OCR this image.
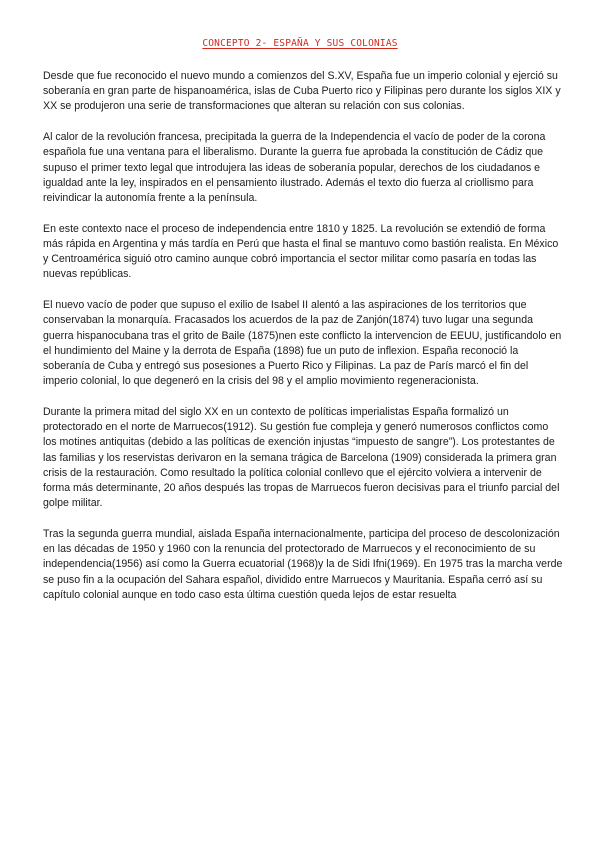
CONCEPTO 2- ESPAÑA Y SUS COLONIAS

Desde que fue reconocido el nuevo mundo a comienzos del S.XV, España fue un imperio colonial y ejerció su soberanía en gran parte de hispanoamérica, islas de Cuba Puerto rico y Filipinas pero durante los siglos XIX y XX se produjeron una serie de transformaciones que alteran su relación con sus colonias.

Al calor de la revolución francesa, precipitada la guerra de la Independencia el vacío de poder de la corona española fue una ventana para el liberalismo. Durante la guerra fue aprobada la constitución de Cádiz que supuso el primer texto legal que introdujera las ideas de soberanía popular, derechos de los ciudadanos e igualdad ante la ley, inspirados en el pensamiento ilustrado. Además el texto dio fuerza al criollismo para reivindicar la autonomía frente a la península.

En este contexto nace el proceso de independencia entre 1810 y 1825. La revolución se extendió de forma más rápida en Argentina y más tardía en Perú que hasta el final se mantuvo como bastión realista. En México y Centroamérica siguió otro camino aunque cobró importancia el sector militar como pasaría en todas las nuevas repúblicas.

El nuevo vacío de poder que supuso el exilio de Isabel II alentó a las aspiraciones de los territorios que conservaban la monarquía. Fracasados los acuerdos de la paz de Zanjón(1874) tuvo lugar una segunda guerra hispanocubana tras el grito de Baile (1875)nen este conflicto la intervencion de EEUU, justificandolo en el hundimiento del Maine y la derrota de España (1898) fue un puto de inflexion. España reconoció la soberanía de Cuba y entregó sus posesiones a Puerto Rico y Filipinas. La paz de París marcó el fin del imperio colonial, lo que degeneró en la crisis del 98 y el amplio movimiento regeneracionista.

Durante la primera mitad del siglo XX en un contexto de políticas imperialistas España formalizó un protectorado en el norte de Marruecos(1912). Su gestión fue compleja y generó numerosos conflictos como los motines antiquitas (debido a las políticas de exención injustas “impuesto de sangre”). Los protestantes de las familias y los reservistas derivaron en la semana trágica de Barcelona (1909) considerada la primera gran crisis de la restauración. Como resultado la política colonial conllevo que el ejército volviera a intervenir de forma más determinante, 20 años después las tropas de Marruecos fueron decisivas para el triunfo parcial del golpe militar.

Tras la segunda guerra mundial, aislada España internacionalmente, participa del proceso de descolonización en las décadas de 1950 y 1960 con la renuncia del protectorado de Marruecos y el reconocimiento de su independencia(1956) así como la Guerra ecuatorial (1968)y la de Sidi Ifni(1969). En 1975 tras la marcha verde se puso fin a la ocupación del Sahara español, dividido entre Marruecos y Mauritania. España cerró así su capítulo colonial aunque en todo caso esta última cuestión queda lejos de estar resuelta
